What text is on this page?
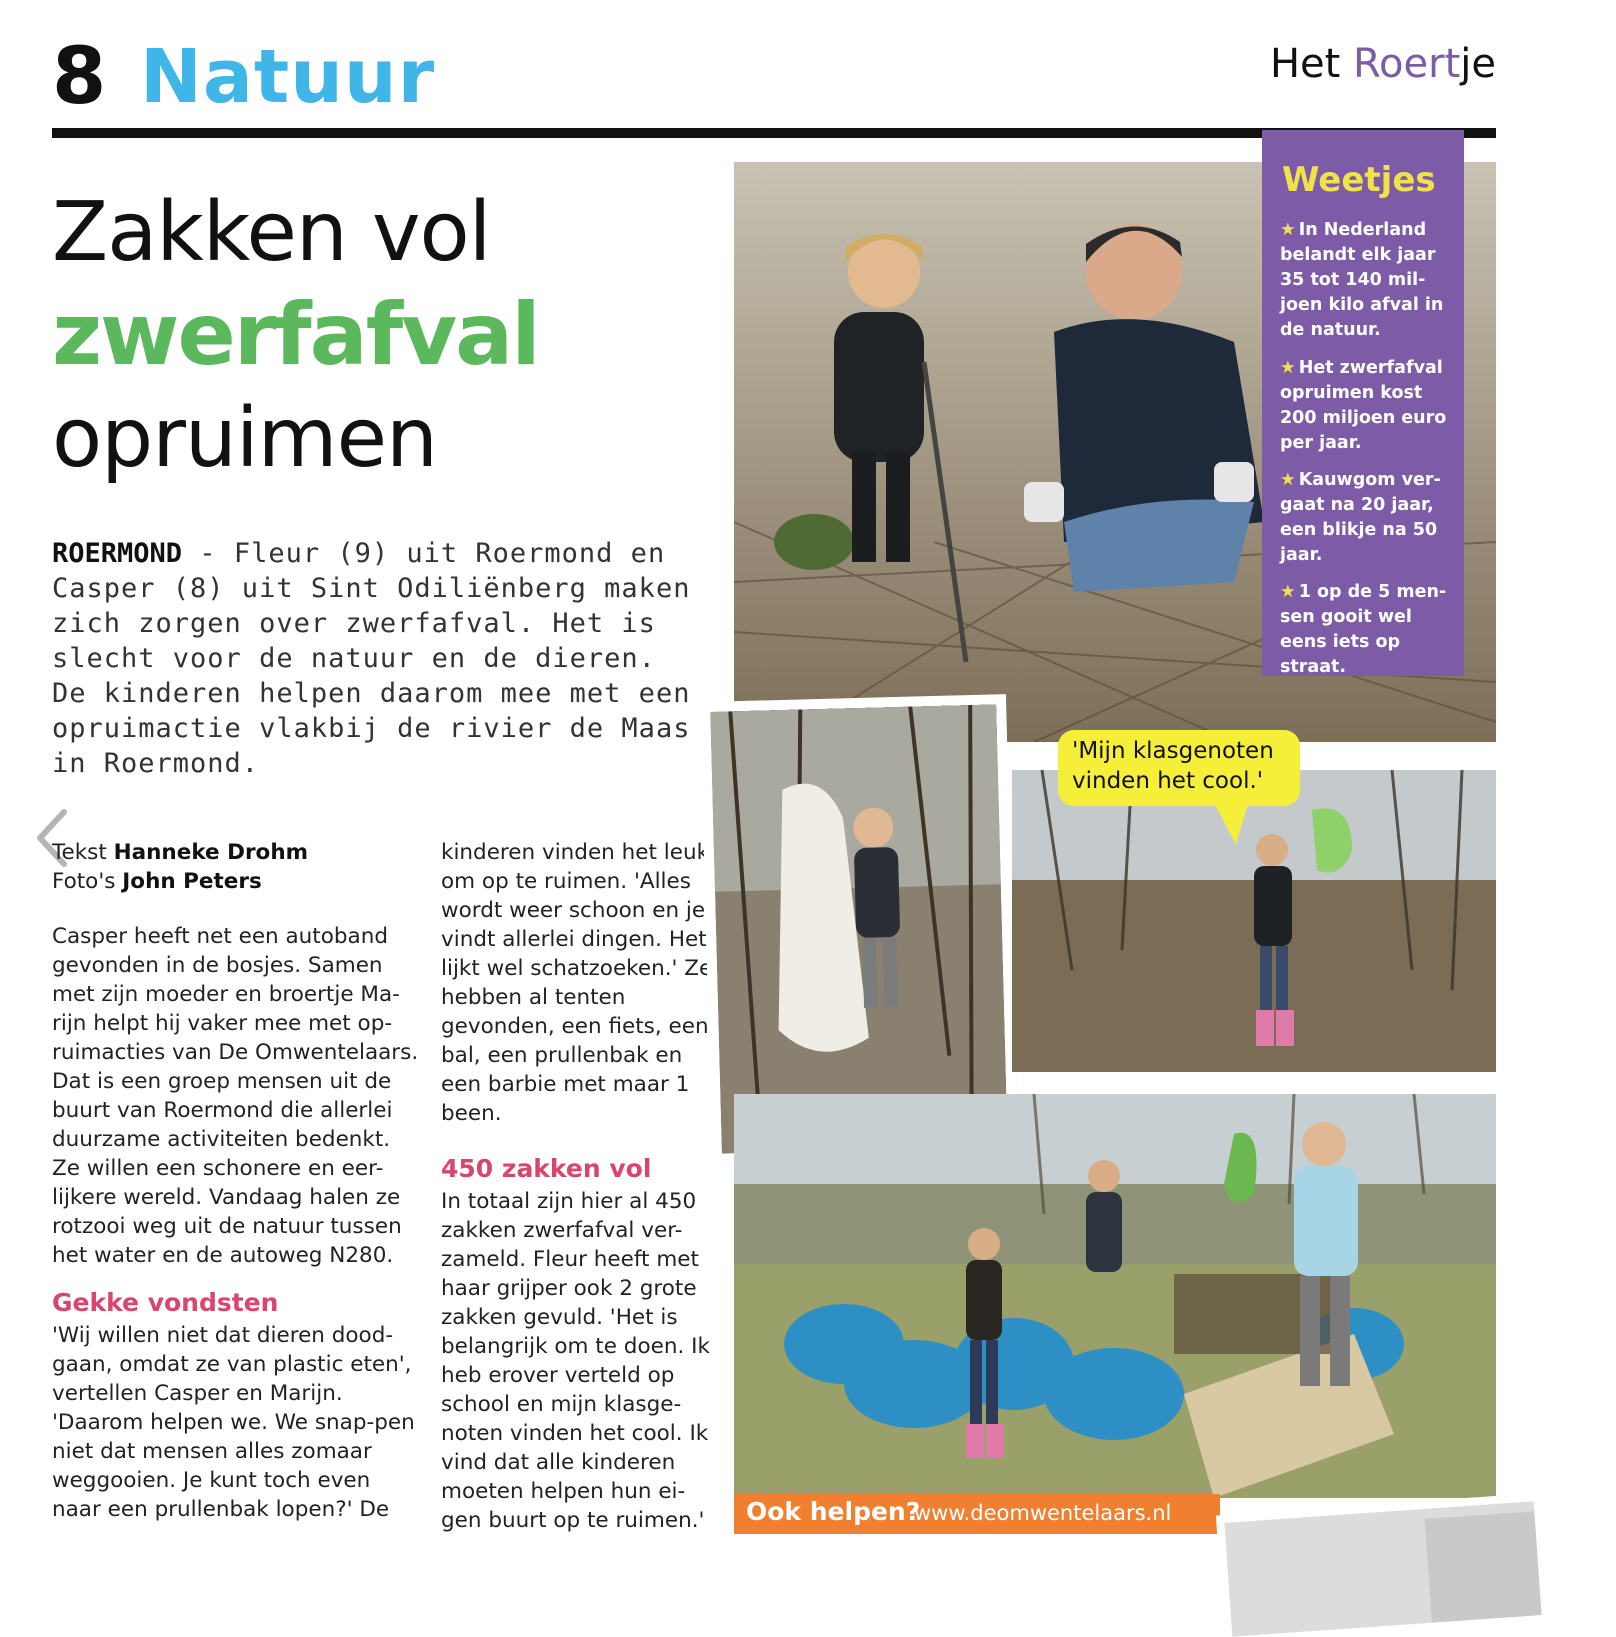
8 Natuur	Het Roertje
Zakken vol
zwerfafval
opruimen
ROERMOND - Fleur (9) uit Roermond en Casper (8) uit Sint Odiliënberg maken zich zorgen over zwerfafval. Het is slecht voor de natuur en de dieren. De kinderen helpen daarom mee met een opruimactie vlakbij de rivier de Maas in Roermond.
Tekst Hanneke Drohm
Foto's John Peters

Casper heeft net een autoband gevonden in de bosjes. Samen met zijn moeder en broertje Ma-rijn helpt hij vaker mee met op-ruimacties van De Omwentelaars. Dat is een groep mensen uit de buurt van Roermond die allerlei duurzame activiteiten bedenkt. Ze willen een schonere en eer-lijkere wereld. Vandaag halen ze rotzooi weg uit de natuur tussen het water en de autoweg N280.

Gekke vondsten

'Wij willen niet dat dieren dood-gaan, omdat ze van plastic eten', vertellen Casper en Marijn. 'Daarom helpen we. We snap-pen niet dat mensen alles zomaar weggooien. Je kunt toch even naar een prullenbak lopen?' De

kinderen vinden het leuk om op te ruimen. 'Alles wordt weer schoon en je vindt allerlei dingen. Het lijkt wel schatzoeken.' Ze hebben al tenten gevonden, een fiets, een bal, een prullenbak en een barbie met maar 1 been.

450 zakken vol

In totaal zijn hier al 450 zakken zwerfafval ver-zameld. Fleur heeft met haar grijper ook 2 grote zakken gevuld. 'Het is belangrijk om te doen. Ik heb erover verteld op school en mijn klasge-noten vinden het cool. Ik vind dat alle kinderen moeten helpen hun ei-gen buurt op te ruimen.'

Weetjes
★ In Nederland belandt elk jaar 35 tot 140 mil-joen kilo afval in de natuur.
★ Het zwerfafval opruimen kost 200 miljoen euro per jaar.
★ Kauwgom ver-gaat na 20 jaar, een blikje na 50 jaar.
★ 1 op de 5 men-sen gooit wel eens iets op straat.
'Mijn klasgenoten vinden het cool.'
Ook helpen?
www.deomwentelaars.nl
